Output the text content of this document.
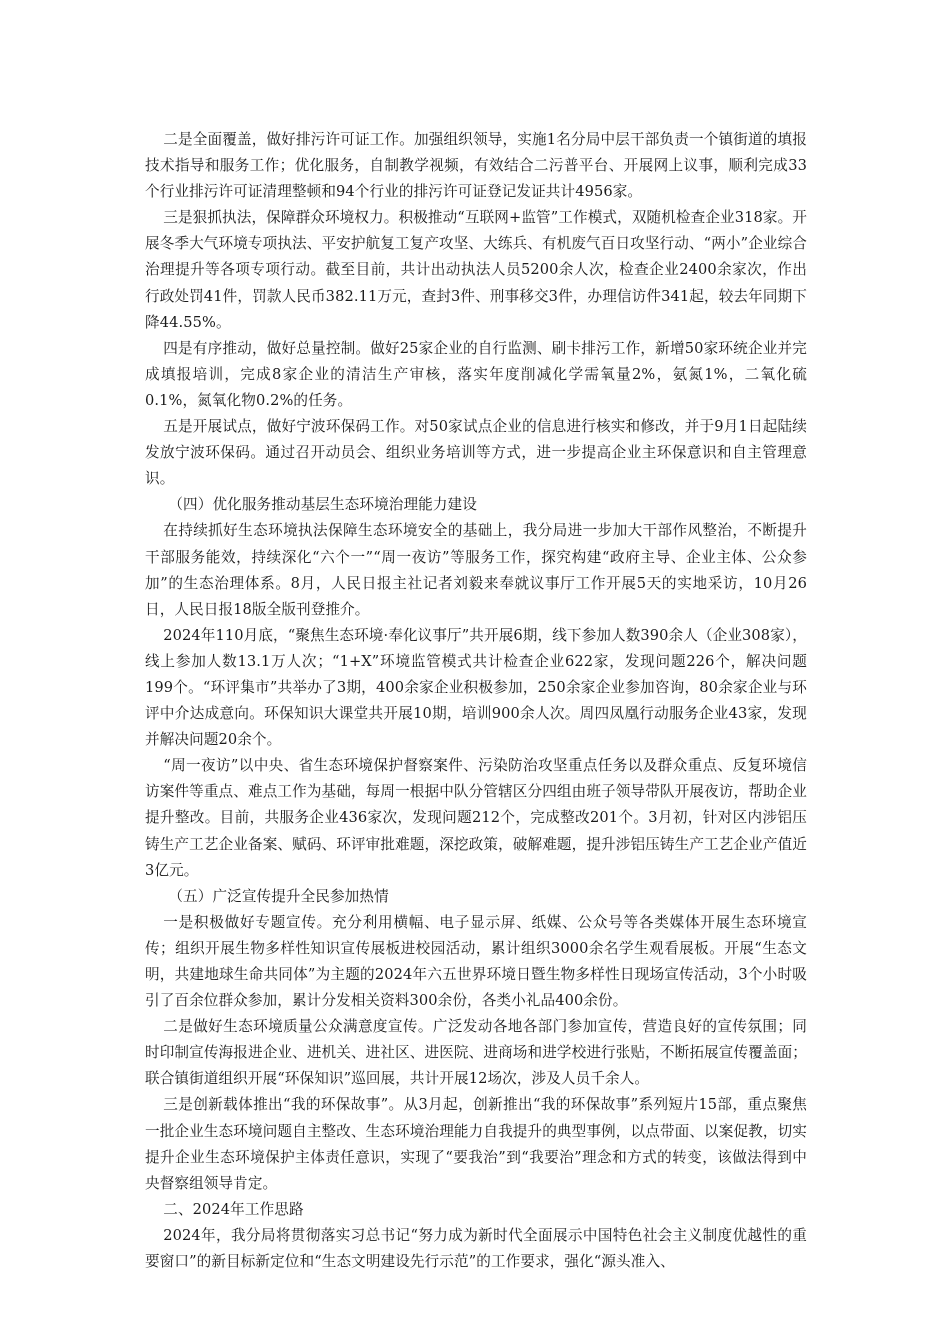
二是全面覆盖，做好排污许可证工作。加强组织领导，实施1名分局中层干部负责一个镇街道的填报技术指导和服务工作；优化服务，自制教学视频，有效结合二污普平台、开展网上议事，顺利完成33个行业排污许可证清理整顿和94个行业的排污许可证登记发证共计4956家。

三是狠抓执法，保障群众环境权力。积极推动“互联网+监管”工作模式，双随机检查企业318家。开展冬季大气环境专项执法、平安护航复工复产攻坚、大练兵、有机废气百日攻坚行动、“两小”企业综合治理提升等各项专项行动。截至目前，共计出动执法人员5200余人次，检查企业2400余家次，作出行政处罚41件，罚款人民币382.11万元，查封3件、刑事移交3件，办理信访件341起，较去年同期下降44.55%。

四是有序推动，做好总量控制。做好25家企业的自行监测、刷卡排污工作，新增50家环统企业并完成填报培训，完成8家企业的清洁生产审核，落实年度削减化学需氧量2%，氨氮1%，二氧化硫0.1%，氮氧化物0.2%的任务。

五是开展试点，做好宁波环保码工作。对50家试点企业的信息进行核实和修改，并于9月1日起陆续发放宁波环保码。通过召开动员会、组织业务培训等方式，进一步提高企业主环保意识和自主管理意识。

（四）优化服务推动基层生态环境治理能力建设

在持续抓好生态环境执法保障生态环境安全的基础上，我分局进一步加大干部作风整治，不断提升干部服务能效，持续深化“六个一”“周一夜访”等服务工作，探究构建“政府主导、企业主体、公众参加”的生态治理体系。8月，人民日报主社记者刘毅来奉就议事厅工作开展5天的实地采访，10月26日，人民日报18版全版刊登推介。

2024年110月底，“聚焦生态环境·奉化议事厅”共开展6期，线下参加人数390余人（企业308家），线上参加人数13.1万人次；“1+X”环境监管模式共计检查企业622家，发现问题226个，解决问题199个。“环评集市”共举办了3期，400余家企业积极参加，250余家企业参加咨询，80余家企业与环评中介达成意向。环保知识大课堂共开展10期，培训900余人次。周四凤凰行动服务企业43家，发现并解决问题20余个。

“周一夜访”以中央、省生态环境保护督察案件、污染防治攻坚重点任务以及群众重点、反复环境信访案件等重点、难点工作为基础，每周一根据中队分管辖区分四组由班子领导带队开展夜访，帮助企业提升整改。目前，共服务企业436家次，发现问题212个，完成整改201个。3月初，针对区内涉铝压铸生产工艺企业备案、赋码、环评审批难题，深挖政策，破解难题，提升涉铝压铸生产工艺企业产值近3亿元。

（五）广泛宣传提升全民参加热情

一是积极做好专题宣传。充分利用横幅、电子显示屏、纸媒、公众号等各类媒体开展生态环境宣传；组织开展生物多样性知识宣传展板进校园活动，累计组织3000余名学生观看展板。开展“生态文明，共建地球生命共同体”为主题的2024年六五世界环境日暨生物多样性日现场宣传活动，3个小时吸引了百余位群众参加，累计分发相关资料300余份，各类小礼品400余份。

二是做好生态环境质量公众满意度宣传。广泛发动各地各部门参加宣传，营造良好的宣传氛围；同时印制宣传海报进企业、进机关、进社区、进医院、进商场和进学校进行张贴，不断拓展宣传覆盖面；联合镇街道组织开展“环保知识”巡回展，共计开展12场次，涉及人员千余人。

三是创新载体推出“我的环保故事”。从3月起，创新推出“我的环保故事”系列短片15部，重点聚焦一批企业生态环境问题自主整改、生态环境治理能力自我提升的典型事例，以点带面、以案促教，切实提升企业生态环境保护主体责任意识，实现了“要我治”到“我要治”理念和方式的转变，该做法得到中央督察组领导肯定。

二、2024年工作思路

2024年，我分局将贯彻落实习总书记“努力成为新时代全面展示中国特色社会主义制度优越性的重要窗口”的新目标新定位和“生态文明建设先行示范”的工作要求，强化“源头准入、
